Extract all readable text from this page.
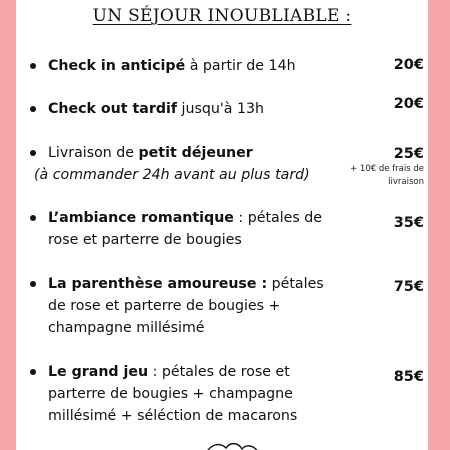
UN SÉJOUR INOUBLIABLE :
Check in anticipé à partir de 14h	20€
Check out tardif jusqu'à 13h	20€
Livraison de petit déjeuner
(à commander 24h avant au plus tard)
25€
+ 10€ de frais de livraison
L’ambiance romantique : pétales de rose et parterre de bougies
35€
La parenthèse amoureuse : pétales de rose et parterre de bougies + champagne millésimé
75€
Le grand jeu : pétales de rose et parterre de bougies + champagne millésimé + séléction de macarons
85€
